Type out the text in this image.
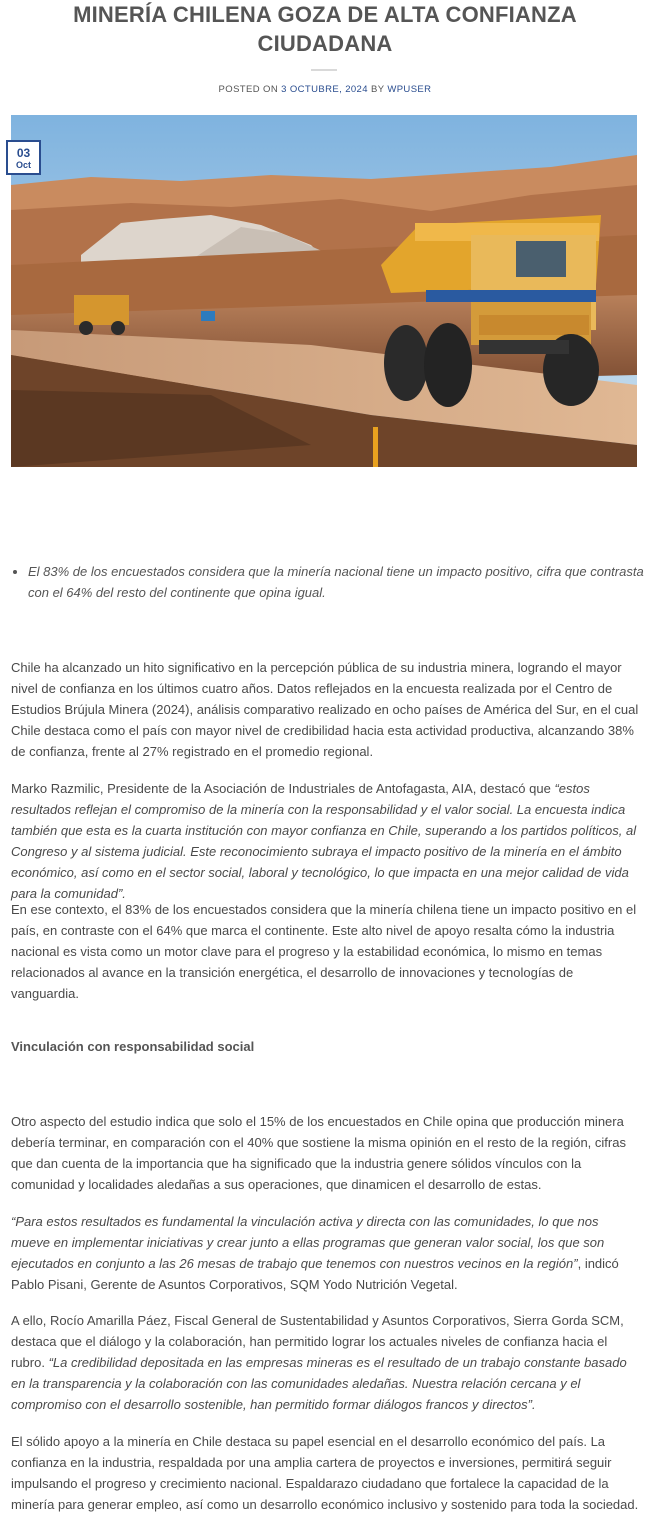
MINERÍA CHILENA GOZA DE ALTA CONFIANZA CIUDADANA
POSTED ON 3 OCTUBRE, 2024 BY WPUSER
03
Oct
• El 83% de los encuestados considera que la minería nacional tiene un impacto positivo, cifra que contrasta con el 64% del resto del continente que opina igual.

Chile ha alcanzado un hito significativo en la percepción pública de su industria minera, logrando el mayor nivel de confianza en los últimos cuatro años. Datos reflejados en la encuesta realizada por el Centro de Estudios Brújula Minera (2024), análisis comparativo realizado en ocho países de América del Sur, en el cual Chile destaca como el país con mayor nivel de credibilidad hacia esta actividad productiva, alcanzando 38% de confianza, frente al 27% registrado en el promedio regional.

Marko Razmilic, Presidente de la Asociación de Industriales de Antofagasta, AIA, destacó que “estos resultados reflejan el compromiso de la minería con la responsabilidad y el valor social. La encuesta indica también que esta es la cuarta institución con mayor confianza en Chile, superando a los partidos políticos, al Congreso y al sistema judicial. Este reconocimiento subraya el impacto positivo de la minería en el ámbito económico, así como en el sector social, laboral y tecnológico, lo que impacta en una mejor calidad de vida para la comunidad”.

En ese contexto, el 83% de los encuestados considera que la minería chilena tiene un impacto positivo en el país, en contraste con el 64% que marca el continente. Este alto nivel de apoyo resalta cómo la industria nacional es vista como un motor clave para el progreso y la estabilidad económica, lo mismo en temas relacionados al avance en la transición energética, el desarrollo de innovaciones y tecnologías de vanguardia.

Vinculación con responsabilidad social

Otro aspecto del estudio indica que solo el 15% de los encuestados en Chile opina que producción minera debería terminar, en comparación con el 40% que sostiene la misma opinión en el resto de la región, cifras que dan cuenta de la importancia que ha significado que la industria genere sólidos vínculos con la comunidad y localidades aledañas a sus operaciones, que dinamicen el desarrollo de estas.

“Para estos resultados es fundamental la vinculación activa y directa con las comunidades, lo que nos mueve en implementar iniciativas y crear junto a ellas programas que generan valor social, los que son ejecutados en conjunto a las 26 mesas de trabajo que tenemos con nuestros vecinos en la región”, indicó Pablo Pisani, Gerente de Asuntos Corporativos, SQM Yodo Nutrición Vegetal.

A ello, Rocío Amarilla Páez, Fiscal General de Sustentabilidad y Asuntos Corporativos, Sierra Gorda SCM, destaca que el diálogo y la colaboración, han permitido lograr los actuales niveles de confianza hacia el rubro. “La credibilidad depositada en las empresas mineras es el resultado de un trabajo constante basado en la transparencia y la colaboración con las comunidades aledañas. Nuestra relación cercana y el compromiso con el desarrollo sostenible, han permitido formar diálogos francos y directos”.

El sólido apoyo a la minería en Chile destaca su papel esencial en el desarrollo económico del país. La confianza en la industria, respaldada por una amplia cartera de proyectos e inversiones, permitirá seguir impulsando el progreso y crecimiento nacional. Espaldarazo ciudadano que fortalece la capacidad de la minería para generar empleo, así como un desarrollo económico inclusivo y sostenido para toda la sociedad.
